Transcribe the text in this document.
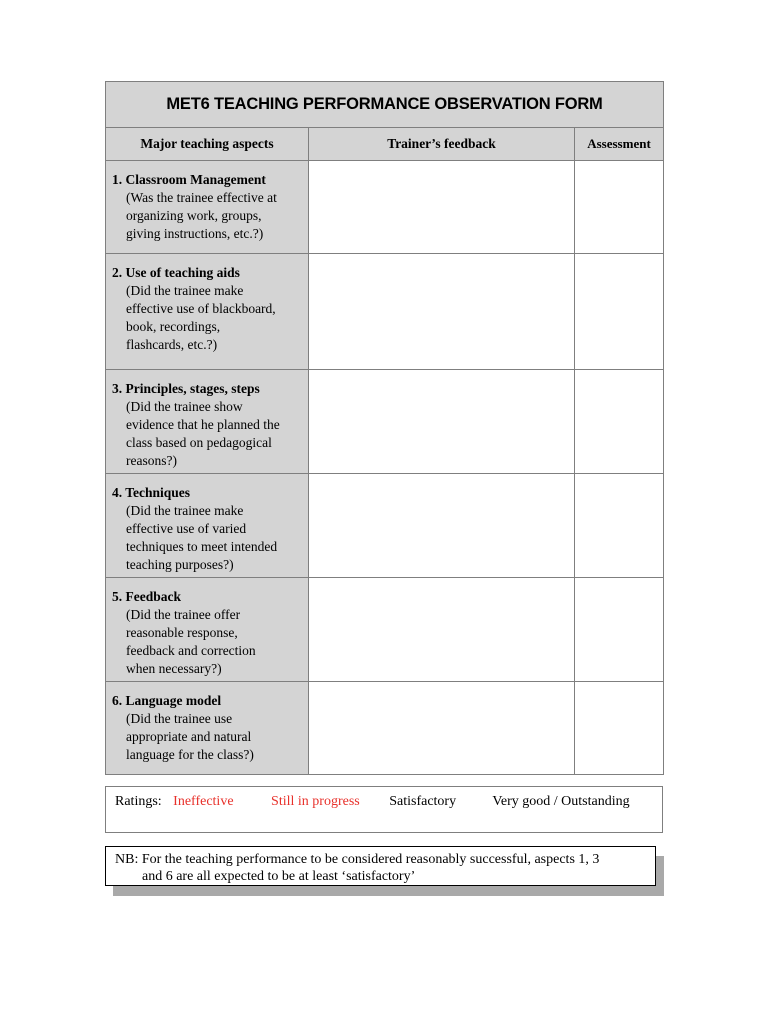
MET6 TEACHING PERFORMANCE OBSERVATION FORM		
Major teaching aspects	Trainer’s feedback	Assessment

1. Classroom Management
(Was the trainee effective at
organizing work, groups,
giving instructions, etc.?)		

2. Use of teaching aids
(Did the trainee make
effective use of blackboard,
book, recordings,
flashcards, etc.?)		

3. Principles, stages, steps
(Did the trainee show
evidence that he planned the
class based on pedagogical
reasons?)		

4. Techniques
(Did the trainee make
effective use of varied
techniques to meet intended
teaching purposes?)		

5. Feedback
(Did the trainee offer
reasonable response,
feedback and correction
when necessary?)		

6. Language model
(Did the trainee use
appropriate and natural
language for the class?)		

Ratings: Ineffective	Still in progress Satisfactory	Very good / Outstanding
NB: For the teaching performance to be considered reasonably successful, aspects 1, 3
and 6 are all expected to be at least ‘satisfactory’
